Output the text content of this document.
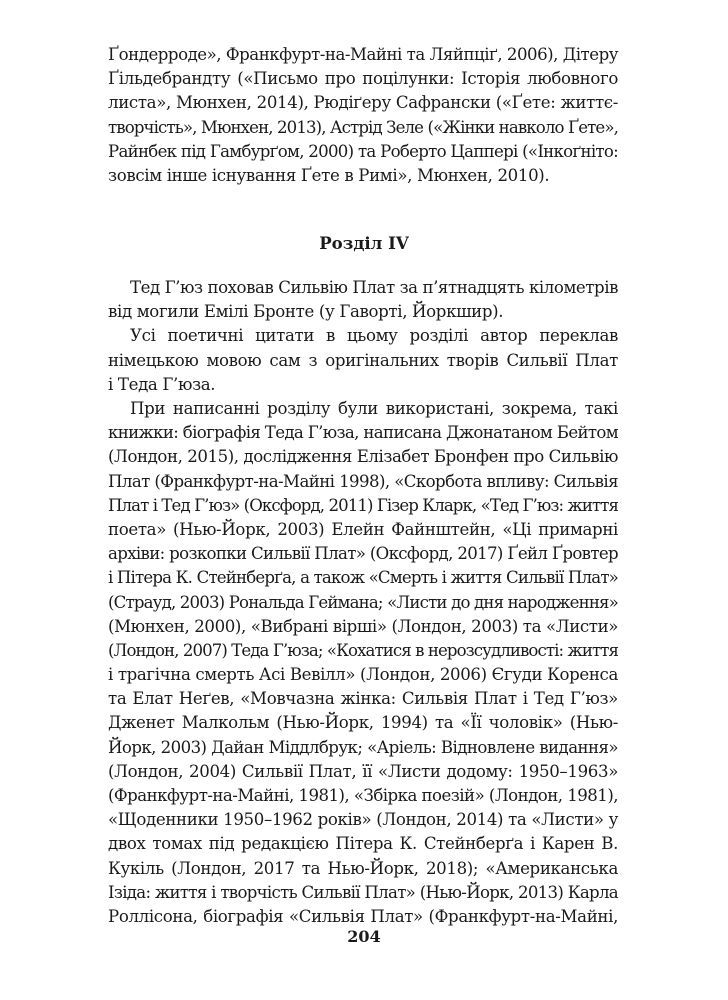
Ґондерроде», Франкфурт-на-Майні та Ляйпціґ, 2006), Дітеру
Ґільдебрандту («Письмо про поцілунки: Історія любовного
листа», Мюнхен, 2014), Рюдіґеру Сафрански («Ґете: життє-
творчість», Мюнхен, 2013), Астрід Зеле («Жінки навколо Ґете»,
Райнбек під Гамбурґом, 2000) та Роберто Цаппері («Інкоґніто:
зовсім інше існування Ґете в Римі», Мюнхен, 2010).
Розділ IV
Тед Г’юз поховав Сильвію Плат за п’ятнадцять кілометрів
від могили Емілі Бронте (у Гаворті, Йоркшир).
Усі поетичні цитати в цьому розділі автор переклав
німецькою мовою сам з оригінальних творів Сильвії Плат
і Теда Г’юза.
При написанні розділу були використані, зокрема, такі
книжки: біографія Теда Г’юза, написана Джонатаном Бейтом
(Лондон, 2015), дослідження Елізабет Бронфен про Сильвію
Плат (Франкфурт-на-Майні 1998), «Скорбота впливу: Сильвія
Плат і Тед Г’юз» (Оксфорд, 2011) Гізер Кларк, «Тед Г’юз: життя
поета» (Нью-Йорк, 2003) Елейн Файнштейн, «Ці примарні
архіви: розкопки Сильвії Плат» (Оксфорд, 2017) Ґейл Ґровтер
і Пітера К. Стейнберґа, а також «Смерть і життя Сильвії Плат»
(Страуд, 2003) Рональда Геймана; «Листи до дня народження»
(Мюнхен, 2000), «Вибрані вірші» (Лондон, 2003) та «Листи»
(Лондон, 2007) Теда Г’юза; «Кохатися в нерозсудливості: життя
і трагічна смерть Асі Вевілл» (Лондон, 2006) Єгуди Коренса
та Елат Неґев, «Мовчазна жінка: Сильвія Плат і Тед Г’юз»
Дженет Малкольм (Нью-Йорк, 1994) та «Її чоловік» (Нью-
Йорк, 2003) Дайан Міддлбрук; «Аріель: Відновлене видання»
(Лондон, 2004) Сильвії Плат, її «Листи додому: 1950–1963»
(Франкфурт-на-Майні, 1981), «Збірка поезій» (Лондон, 1981),
«Щоденники 1950–1962 років» (Лондон, 2014) та «Листи» у
двох томах під редакцією Пітера К. Стейнберґа і Карен В.
Кукіль (Лондон, 2017 та Нью-Йорк, 2018); «Американська
Ізіда: життя і творчість Сильвії Плат» (Нью-Йорк, 2013) Карла
Роллісона, біографія «Сильвія Плат» (Франкфурт-на-Майні,
204
